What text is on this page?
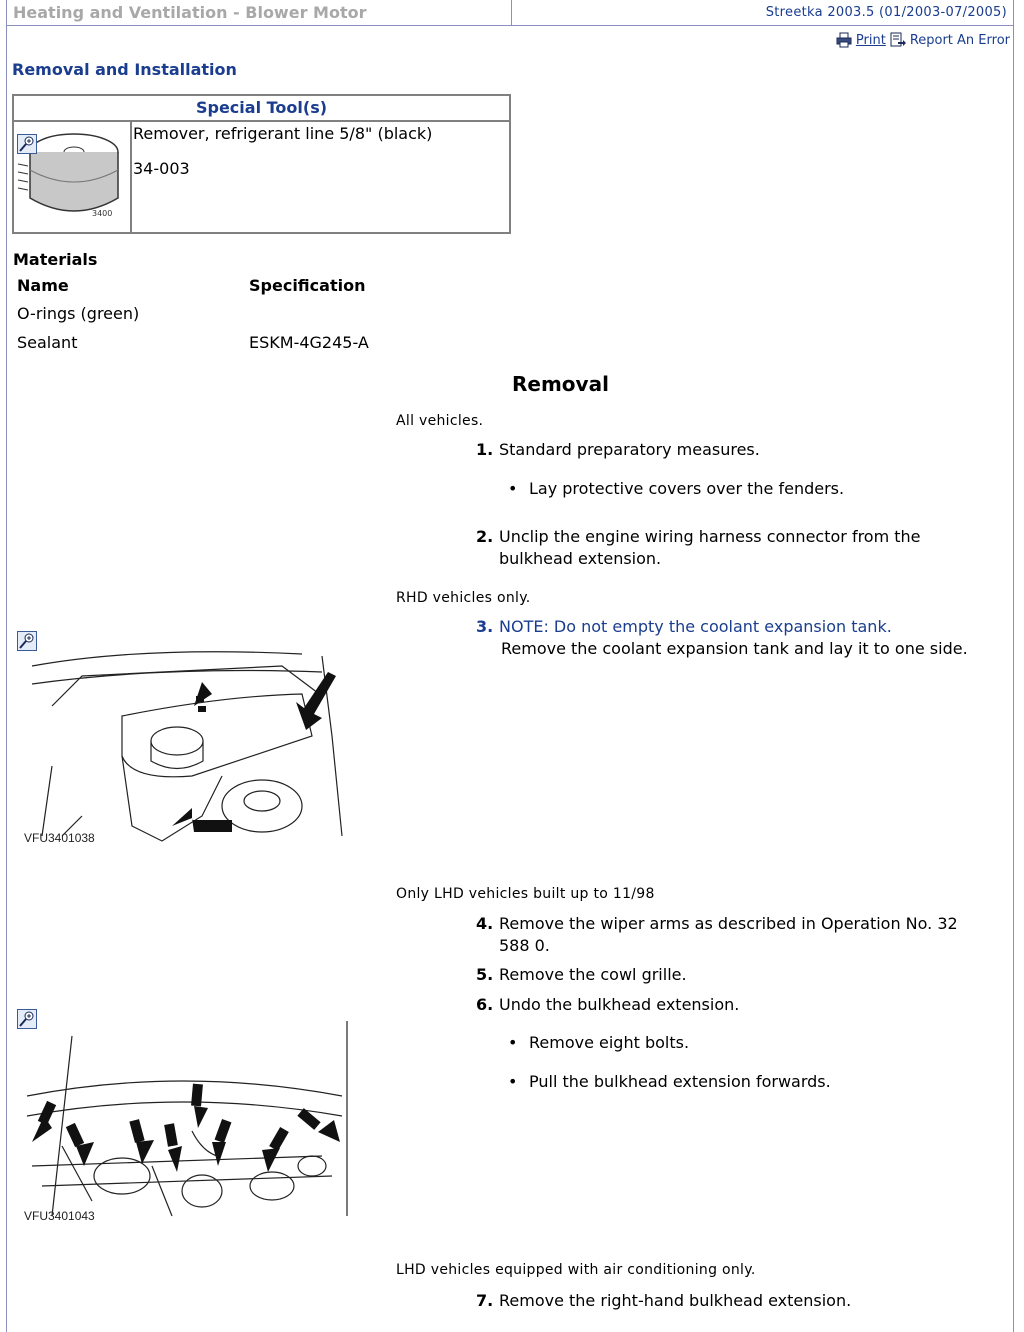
Heating and Ventilation - Blower Motor	Streetka 2003.5 (01/2003-07/2005)
Print Report An Error
Removal and Installation
Special Tool(s)
3400
Remover, refrigerant line 5/8" (black)
34-003
Materials
Name	Specification
O-rings (green)
Sealant	ESKM-4G245-A
Removal
All vehicles.
1. Standard preparatory measures.
• Lay protective covers over the fenders.
2. Unclip the engine wiring harness connector from the bulkhead extension.
RHD vehicles only.
3. NOTE: Do not empty the coolant expansion tank.
Remove the coolant expansion tank and lay it to one side.
VFU3401038
Only LHD vehicles built up to 11/98
4. Remove the wiper arms as described in Operation No. 32 588 0.
5. Remove the cowl grille.
6. Undo the bulkhead extension.
• Remove eight bolts.
• Pull the bulkhead extension forwards.
VFU3401043
LHD vehicles equipped with air conditioning only.
7. Remove the right-hand bulkhead extension.
